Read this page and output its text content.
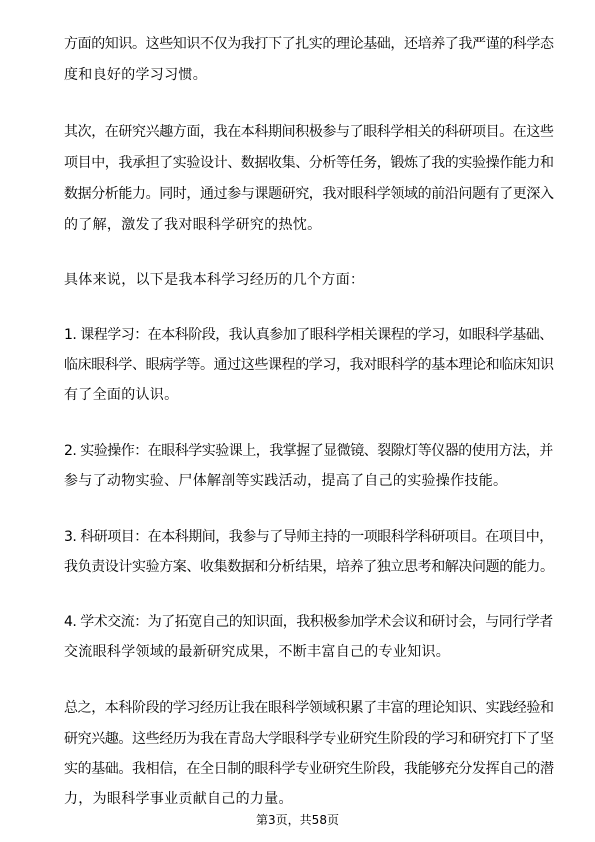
方面的知识。这些知识不仅为我打下了扎实的理论基础，还培养了我严谨的科学态
度和良好的学习习惯。
其次，在研究兴趣方面，我在本科期间积极参与了眼科学相关的科研项目。在这些
项目中，我承担了实验设计、数据收集、分析等任务，锻炼了我的实验操作能力和
数据分析能力。同时，通过参与课题研究，我对眼科学领域的前沿问题有了更深入
的了解，激发了我对眼科学研究的热忱。
具体来说，以下是我本科学习经历的几个方面：
1. 课程学习：在本科阶段，我认真参加了眼科学相关课程的学习，如眼科学基础、
临床眼科学、眼病学等。通过这些课程的学习，我对眼科学的基本理论和临床知识
有了全面的认识。
2. 实验操作：在眼科学实验课上，我掌握了显微镜、裂隙灯等仪器的使用方法，并
参与了动物实验、尸体解剖等实践活动，提高了自己的实验操作技能。
3. 科研项目：在本科期间，我参与了导师主持的一项眼科学科研项目。在项目中，
我负责设计实验方案、收集数据和分析结果，培养了独立思考和解决问题的能力。
4. 学术交流：为了拓宽自己的知识面，我积极参加学术会议和研讨会，与同行学者
交流眼科学领域的最新研究成果，不断丰富自己的专业知识。
总之，本科阶段的学习经历让我在眼科学领域积累了丰富的理论知识、实践经验和
研究兴趣。这些经历为我在青岛大学眼科学专业研究生阶段的学习和研究打下了坚
实的基础。我相信，在全日制的眼科学专业研究生阶段，我能够充分发挥自己的潜
力，为眼科学事业贡献自己的力量。
第3页，共58页
